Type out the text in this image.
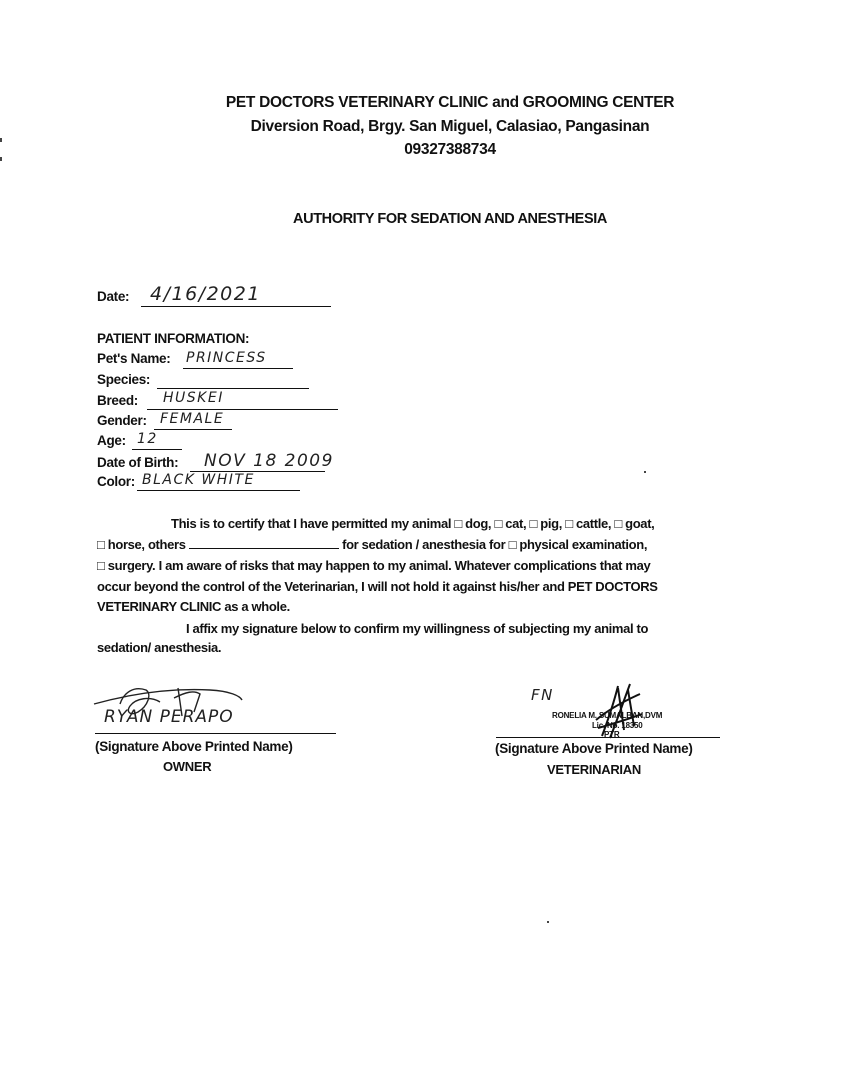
PET DOCTORS VETERINARY CLINIC and GROOMING CENTER
Diversion Road, Brgy. San Miguel, Calasiao, Pangasinan
09327388734
AUTHORITY FOR SEDATION AND ANESTHESIA
Date: 4/16/2021
PATIENT INFORMATION:
Pet's Name: PRINCESS
Species:
Breed: HUSKEI
Gender: FEMALE
Age: 12
Date of Birth: NOV 18 2009
Color: BLACK WHITE
This is to certify that I have permitted my animal □ dog, □ cat, □ pig, □ cattle, □ goat,
□ horse, others	for sedation / anesthesia for □ physical examination,
□ surgery. I am aware of risks that may happen to my animal. Whatever complications that may
occur beyond the control of the Veterinarian, I will not hold it against his/her and PET DOCTORS
VETERINARY CLINIC as a whole.
I affix my signature below to confirm my willingness of subjecting my animal to
sedation/ anesthesia.
RYAN PERAPO
(Signature Above Printed Name)
OWNER
FN
RONELIA M. SUMALBAN,DVM
Lic. No. 18350
PTR
(Signature Above Printed Name)
VETERINARIAN
